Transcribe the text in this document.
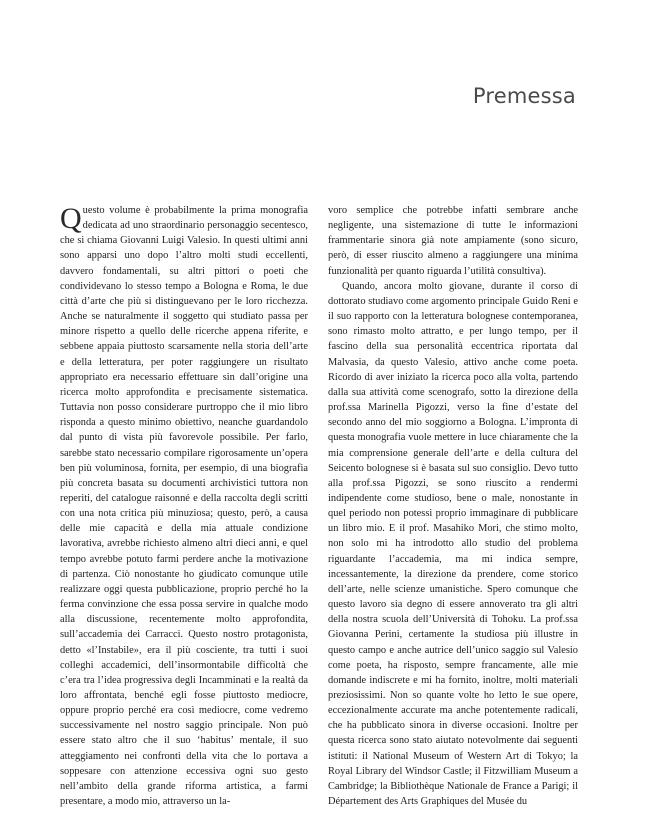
Premessa

Questo volume è probabilmente la prima monografia dedicata ad uno straordinario personaggio secentesco, che si chiama Giovanni Luigi Valesio. In questi ultimi anni sono apparsi uno dopo l’altro molti studi eccellenti, davvero fondamentali, su altri pittori o poeti che condividevano lo stesso tempo a Bologna e Roma, le due città d’arte che più si distinguevano per le loro ricchezza. Anche se naturalmente il soggetto qui studiato passa per minore rispetto a quello delle ricerche appena riferite, e sebbene appaia piuttosto scarsamente nella storia dell’arte e della letteratura, per poter raggiungere un risultato appropriato era necessario effettuare sin dall’origine una ricerca molto approfondita e precisamente sistematica. Tuttavia non posso considerare purtroppo che il mio libro risponda a questo minimo obiettivo, neanche guardandolo dal punto di vista più favorevole possibile. Per farlo, sarebbe stato necessario compilare rigorosamente un’opera ben più voluminosa, fornita, per esempio, di una biografia più concreta basata su documenti archivistici tuttora non reperiti, del catalogue raisonné e della raccolta degli scritti con una nota critica più minuziosa; questo, però, a causa delle mie capacità e della mia attuale condizione lavorativa, avrebbe richiesto almeno altri dieci anni, e quel tempo avrebbe potuto farmi perdere anche la motivazione di partenza. Ciò nonostante ho giudicato comunque utile realizzare oggi questa pubblicazione, proprio perché ho la ferma convinzione che essa possa servire in qualche modo alla discussione, recentemente molto approfondita, sull’accademia dei Carracci. Questo nostro protagonista, detto «l’Instabile», era il più cosciente, tra tutti i suoi colleghi accademici, dell’insormontabile difficoltà che c’era tra l’idea progressiva degli Incamminati e la realtà da loro affrontata, benché egli fosse piuttosto mediocre, oppure proprio perché era così mediocre, come vedremo successivamente nel nostro saggio principale. Non può essere stato altro che il suo ‘habitus’ mentale, il suo atteggiamento nei confronti della vita che lo portava a soppesare con attenzione eccessiva ogni suo gesto nell’ambito della grande riforma artistica, a farmi presentare, a modo mio, attraverso un la-

voro semplice che potrebbe infatti sembrare anche negligente, una sistemazione di tutte le informazioni frammentarie sinora già note ampiamente (sono sicuro, però, di esser riuscito almeno a raggiungere una minima funzionalità per quanto riguarda l’utilità consultiva).

Quando, ancora molto giovane, durante il corso di dottorato studiavo come argomento principale Guido Reni e il suo rapporto con la letteratura bolognese contemporanea, sono rimasto molto attratto, e per lungo tempo, per il fascino della sua personalità eccentrica riportata dal Malvasia, da questo Valesio, attivo anche come poeta. Ricordo di aver iniziato la ricerca poco alla volta, partendo dalla sua attività come scenografo, sotto la direzione della prof.ssa Marinella Pigozzi, verso la fine d’estate del secondo anno del mio soggiorno a Bologna. L’impronta di questa monografia vuole mettere in luce chiaramente che la mia comprensione generale dell’arte e della cultura del Seicento bolognese si è basata sul suo consiglio. Devo tutto alla prof.ssa Pigozzi, se sono riuscito a rendermi indipendente come studioso, bene o male, nonostante in quel periodo non potessi proprio immaginare di pubblicare un libro mio. E il prof. Masahiko Mori, che stimo molto, non solo mi ha introdotto allo studio del problema riguardante l’accademia, ma mi indica sempre, incessantemente, la direzione da prendere, come storico dell’arte, nelle scienze umanistiche. Spero comunque che questo lavoro sia degno di essere annoverato tra gli altri della nostra scuola dell’Università di Tohoku. La prof.ssa Giovanna Perini, certamente la studiosa più illustre in questo campo e anche autrice dell’unico saggio sul Valesio come poeta, ha risposto, sempre francamente, alle mie domande indiscrete e mi ha fornito, inoltre, molti materiali preziosissimi. Non so quante volte ho letto le sue opere, eccezionalmente accurate ma anche potentemente radicali, che ha pubblicato sinora in diverse occasioni. Inoltre per questa ricerca sono stato aiutato notevolmente dai seguenti istituti: il National Museum of Western Art di Tokyo; la Royal Library del Windsor Castle; il Fitzwilliam Museum a Cambridge; la Bibliothèque Nationale de France a Parigi; il Département des Arts Graphiques del Musée du
